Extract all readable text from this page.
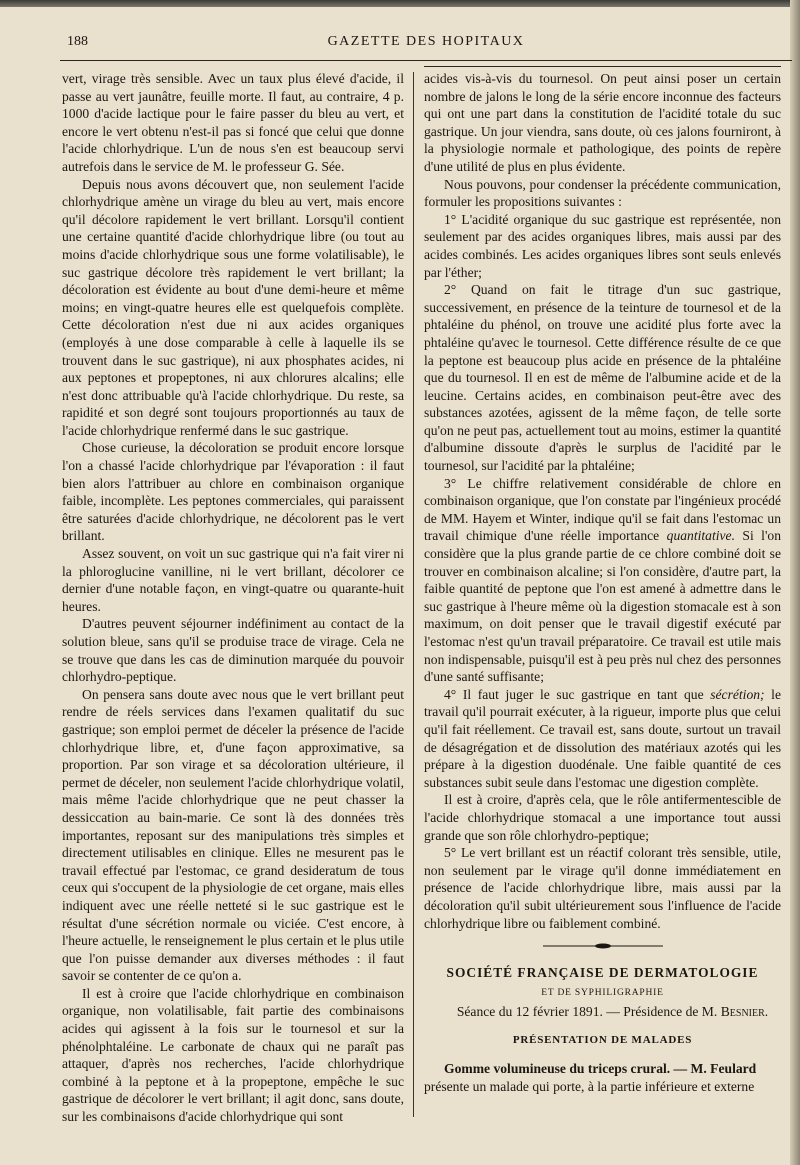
188	GAZETTE DES HOPITAUX

vert, virage très sensible. Avec un taux plus élevé d'acide, il passe au vert jaunâtre, feuille morte. Il faut, au contraire, 4 p. 1000 d'acide lactique pour le faire passer du bleu au vert, et encore le vert obtenu n'est-il pas si foncé que celui que donne l'acide chlorhydrique. L'un de nous s'en est beaucoup servi autrefois dans le service de M. le professeur G. Sée.

Depuis nous avons découvert que, non seulement l'acide chlorhydrique amène un virage du bleu au vert, mais encore qu'il décolore rapidement le vert brillant. Lorsqu'il contient une certaine quantité d'acide chlorhydrique libre (ou tout au moins d'acide chlorhydrique sous une forme volatilisable), le suc gastrique décolore très rapidement le vert brillant; la décoloration est évidente au bout d'une demi-heure et même moins; en vingt-quatre heures elle est quelquefois complète. Cette décoloration n'est due ni aux acides organiques (employés à une dose comparable à celle à laquelle ils se trouvent dans le suc gastrique), ni aux phosphates acides, ni aux peptones et propeptones, ni aux chlorures alcalins; elle n'est donc attribuable qu'à l'acide chlorhydrique. Du reste, sa rapidité et son degré sont toujours proportionnés au taux de l'acide chlorhydrique renfermé dans le suc gastrique.

Chose curieuse, la décoloration se produit encore lorsque l'on a chassé l'acide chlorhydrique par l'évaporation : il faut bien alors l'attribuer au chlore en combinaison organique faible, incomplète. Les peptones commerciales, qui paraissent être saturées d'acide chlorhydrique, ne décolorent pas le vert brillant.

Assez souvent, on voit un suc gastrique qui n'a fait virer ni la phloroglucine vanilline, ni le vert brillant, décolorer ce dernier d'une notable façon, en vingt-quatre ou quarante-huit heures.

D'autres peuvent séjourner indéfiniment au contact de la solution bleue, sans qu'il se produise trace de virage. Cela ne se trouve que dans les cas de diminution marquée du pouvoir chlorhydro-peptique.

On pensera sans doute avec nous que le vert brillant peut rendre de réels services dans l'examen qualitatif du suc gastrique; son emploi permet de déceler la présence de l'acide chlorhydrique libre, et, d'une façon approximative, sa proportion. Par son virage et sa décoloration ultérieure, il permet de déceler, non seulement l'acide chlorhydrique volatil, mais même l'acide chlorhydrique que ne peut chasser la dessiccation au bain-marie. Ce sont là des données très importantes, reposant sur des manipulations très simples et directement utilisables en clinique. Elles ne mesurent pas le travail effectué par l'estomac, ce grand desideratum de tous ceux qui s'occupent de la physiologie de cet organe, mais elles indiquent avec une réelle netteté si le suc gastrique est le résultat d'une sécrétion normale ou viciée. C'est encore, à l'heure actuelle, le renseignement le plus certain et le plus utile que l'on puisse demander aux diverses méthodes : il faut savoir se contenter de ce qu'on a.

Il est à croire que l'acide chlorhydrique en combinaison organique, non volatilisable, fait partie des combinaisons acides qui agissent à la fois sur le tournesol et sur la phénolphtaléine. Le carbonate de chaux qui ne paraît pas attaquer, d'après nos recherches, l'acide chlorhydrique combiné à la peptone et à la propeptone, empêche le suc gastrique de décolorer le vert brillant; il agit donc, sans doute, sur les combinaisons d'acide chlorhydrique qui sont

acides vis-à-vis du tournesol. On peut ainsi poser un certain nombre de jalons le long de la série encore inconnue des facteurs qui ont une part dans la constitution de l'acidité totale du suc gastrique. Un jour viendra, sans doute, où ces jalons fourniront, à la physiologie normale et pathologique, des points de repère d'une utilité de plus en plus évidente.

Nous pouvons, pour condenser la précédente communication, formuler les propositions suivantes :

1° L'acidité organique du suc gastrique est représentée, non seulement par des acides organiques libres, mais aussi par des acides combinés. Les acides organiques libres sont seuls enlevés par l'éther;

2° Quand on fait le titrage d'un suc gastrique, successivement, en présence de la teinture de tournesol et de la phtaléine du phénol, on trouve une acidité plus forte avec la phtaléine qu'avec le tournesol. Cette différence résulte de ce que la peptone est beaucoup plus acide en présence de la phtaléine que du tournesol. Il en est de même de l'albumine acide et de la leucine. Certains acides, en combinaison peut-être avec des substances azotées, agissent de la même façon, de telle sorte qu'on ne peut pas, actuellement tout au moins, estimer la quantité d'albumine dissoute d'après le surplus de l'acidité par le tournesol, sur l'acidité par la phtaléine;

3° Le chiffre relativement considérable de chlore en combinaison organique, que l'on constate par l'ingénieux procédé de MM. Hayem et Winter, indique qu'il se fait dans l'estomac un travail chimique d'une réelle importance quantitative. Si l'on considère que la plus grande partie de ce chlore combiné doit se trouver en combinaison alcaline; si l'on considère, d'autre part, la faible quantité de peptone que l'on est amené à admettre dans le suc gastrique à l'heure même où la digestion stomacale est à son maximum, on doit penser que le travail digestif exécuté par l'estomac n'est qu'un travail préparatoire. Ce travail est utile mais non indispensable, puisqu'il est à peu près nul chez des personnes d'une santé suffisante;

4° Il faut juger le suc gastrique en tant que sécrétion; le travail qu'il pourrait exécuter, à la rigueur, importe plus que celui qu'il fait réellement. Ce travail est, sans doute, surtout un travail de désagrégation et de dissolution des matériaux azotés qui les prépare à la digestion duodénale. Une faible quantité de ces substances subit seule dans l'estomac une digestion complète.

Il est à croire, d'après cela, que le rôle antifermentescible de l'acide chlorhydrique stomacal a une importance tout aussi grande que son rôle chlorhydro-peptique;

5° Le vert brillant est un réactif colorant très sensible, utile, non seulement par le virage qu'il donne immédiatement en présence de l'acide chlorhydrique libre, mais aussi par la décoloration qu'il subit ultérieurement sous l'influence de l'acide chlorhydrique libre ou faiblement combiné.

SOCIÉTÉ FRANÇAISE DE DERMATOLOGIE
ET DE SYPHILIGRAPHIE

Séance du 12 février 1891. — Présidence de M. Besnier.

PRÉSENTATION DE MALADES

Gomme volumineuse du triceps crural. — M. Feulard

présente un malade qui porte, à la partie inférieure et externe
